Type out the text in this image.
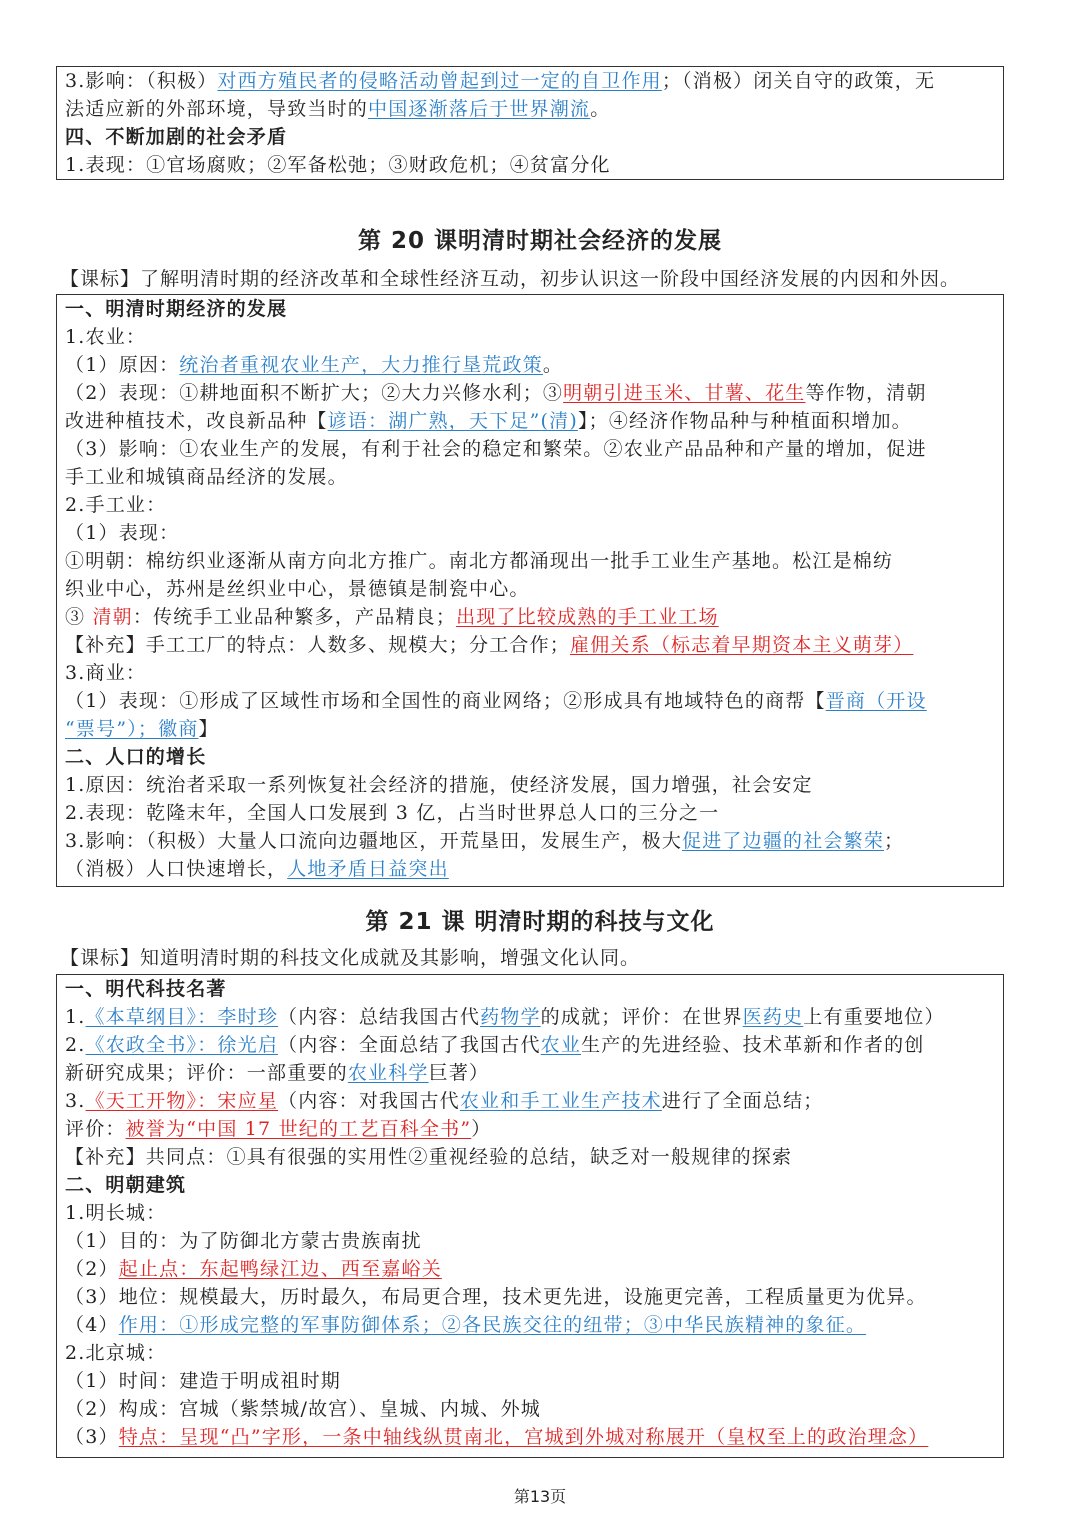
3.影响：（积极）对西方殖民者的侵略活动曾起到过一定的自卫作用；（消极）闭关自守的政策，无
法适应新的外部环境，导致当时的中国逐渐落后于世界潮流。
四、不断加剧的社会矛盾
1.表现：①官场腐败；②军备松弛；③财政危机；④贫富分化
第 20 课明清时期社会经济的发展
【课标】了解明清时期的经济改革和全球性经济互动，初步认识这一阶段中国经济发展的内因和外因。
一、明清时期经济的发展
1.农业：
（1）原因：统治者重视农业生产，大力推行垦荒政策。
（2）表现：①耕地面积不断扩大；②大力兴修水利；③明朝引进玉米、甘薯、花生等作物，清朝
改进种植技术，改良新品种【谚语：湖广熟，天下足”(清)】；④经济作物品种与种植面积增加。
（3）影响：①农业生产的发展，有利于社会的稳定和繁荣。②农业产品品种和产量的增加，促进
手工业和城镇商品经济的发展。
2.手工业：
（1）表现：
①明朝：棉纺织业逐渐从南方向北方推广。南北方都涌现出一批手工业生产基地。松江是棉纺
织业中心，苏州是丝织业中心，景德镇是制瓷中心。
③ 清朝：传统手工业品种繁多，产品精良；出现了比较成熟的手工业工场
【补充】手工工厂的特点：人数多、规模大；分工合作；雇佣关系（标志着早期资本主义萌芽）
3.商业：
（1）表现：①形成了区域性市场和全国性的商业网络；②形成具有地域特色的商帮【晋商（开设
“票号”）；徽商】
二、人口的增长
1.原因：统治者采取一系列恢复社会经济的措施，使经济发展，国力增强，社会安定
2.表现：乾隆末年，全国人口发展到 3 亿，占当时世界总人口的三分之一
3.影响：（积极）大量人口流向边疆地区，开荒垦田，发展生产，极大促进了边疆的社会繁荣；
（消极）人口快速增长，人地矛盾日益突出
第 21 课 明清时期的科技与文化
【课标】知道明清时期的科技文化成就及其影响，增强文化认同。
一、明代科技名著
1.《本草纲目》：李时珍（内容：总结我国古代药物学的成就；评价：在世界医药史上有重要地位）
2.《农政全书》：徐光启（内容：全面总结了我国古代农业生产的先进经验、技术革新和作者的创
新研究成果；评价：一部重要的农业科学巨著）
3.《天工开物》：宋应星（内容：对我国古代农业和手工业生产技术进行了全面总结；
评价：被誉为“中国 17 世纪的工艺百科全书”）
【补充】共同点：①具有很强的实用性②重视经验的总结，缺乏对一般规律的探索
二、明朝建筑
1.明长城：
（1）目的：为了防御北方蒙古贵族南扰
（2）起止点：东起鸭绿江边、西至嘉峪关
（3）地位：规模最大，历时最久，布局更合理，技术更先进，设施更完善，工程质量更为优异。
（4）作用：①形成完整的军事防御体系；②各民族交往的纽带；③中华民族精神的象征。
2.北京城：
（1）时间：建造于明成祖时期
（2）构成：宫城（紫禁城/故宫）、皇城、内城、外城
（3）特点：呈现“凸”字形，一条中轴线纵贯南北，宫城到外城对称展开（皇权至上的政治理念）
第13页
